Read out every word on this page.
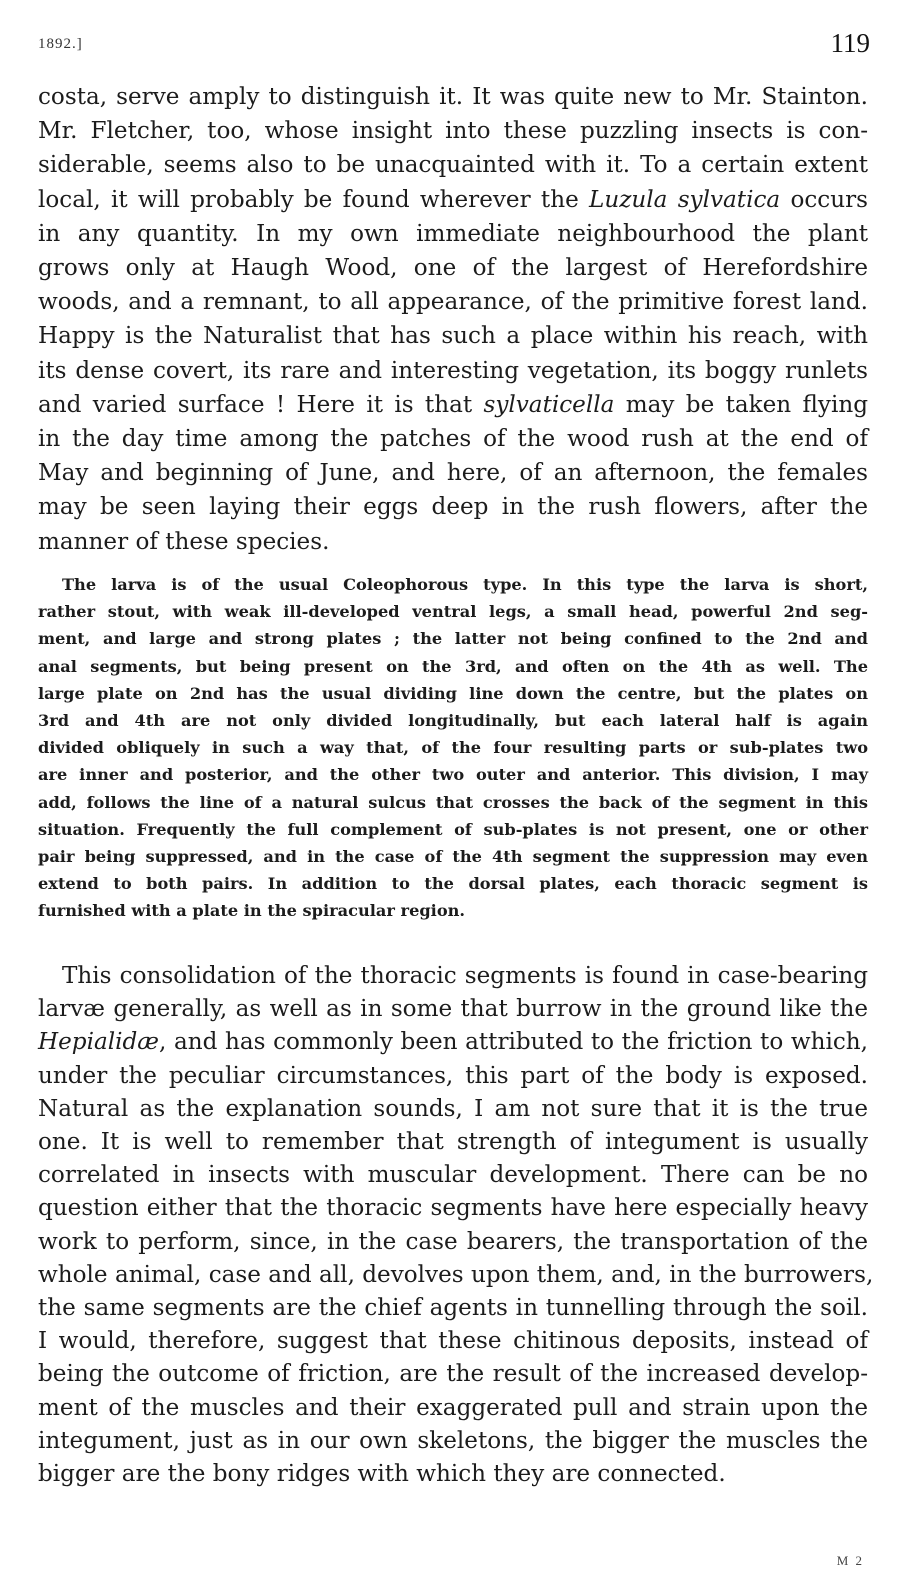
1892.]	119
costa, serve amply to distinguish it. It was quite new to Mr. Stainton.
Mr. Fletcher, too, whose insight into these puzzling insects is con-
siderable, seems also to be unacquainted with it. To a certain extent
local, it will probably be found wherever the Luzula sylvatica occurs
in any quantity. In my own immediate neighbourhood the plant
grows only at Haugh Wood, one of the largest of Herefordshire
woods, and a remnant, to all appearance, of the primitive forest land.
Happy is the Naturalist that has such a place within his reach, with
its dense covert, its rare and interesting vegetation, its boggy runlets
and varied surface ! Here it is that sylvaticella may be taken flying
in the day time among the patches of the wood rush at the end of
May and beginning of June, and here, of an afternoon, the females
may be seen laying their eggs deep in the rush flowers, after the
manner of these species.
The larva is of the usual Coleophorous type. In this type the larva is short,
rather stout, with weak ill-developed ventral legs, a small head, powerful 2nd seg-
ment, and large and strong plates ; the latter not being confined to the 2nd and
anal segments, but being present on the 3rd, and often on the 4th as well. The
large plate on 2nd has the usual dividing line down the centre, but the plates on
3rd and 4th are not only divided longitudinally, but each lateral half is again
divided obliquely in such a way that, of the four resulting parts or sub-plates two
are inner and posterior, and the other two outer and anterior. This division, I may
add, follows the line of a natural sulcus that crosses the back of the segment in this
situation. Frequently the full complement of sub-plates is not present, one or other
pair being suppressed, and in the case of the 4th segment the suppression may even
extend to both pairs. In addition to the dorsal plates, each thoracic segment is
furnished with a plate in the spiracular region.
This consolidation of the thoracic segments is found in case-bearing
larvæ generally, as well as in some that burrow in the ground like the
Hepialidæ, and has commonly been attributed to the friction to which,
under the peculiar circumstances, this part of the body is exposed.
Natural as the explanation sounds, I am not sure that it is the true
one. It is well to remember that strength of integument is usually
correlated in insects with muscular development. There can be no
question either that the thoracic segments have here especially heavy
work to perform, since, in the case bearers, the transportation of the
whole animal, case and all, devolves upon them, and, in the burrowers,
the same segments are the chief agents in tunnelling through the soil.
I would, therefore, suggest that these chitinous deposits, instead of
being the outcome of friction, are the result of the increased develop-
ment of the muscles and their exaggerated pull and strain upon the
integument, just as in our own skeletons, the bigger the muscles the
bigger are the bony ridges with which they are connected.
M 2
